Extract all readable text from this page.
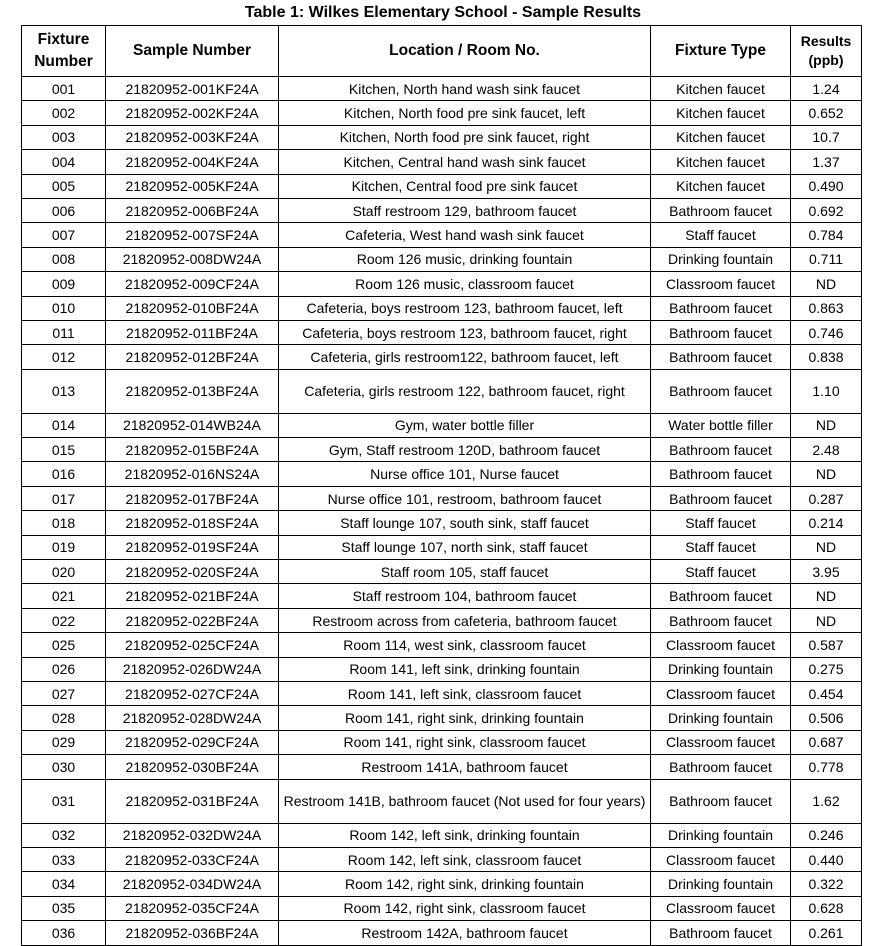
Table 1: Wilkes Elementary School - Sample Results
Fixture Number	Sample Number	Location / Room No.	Fixture Type	Results (ppb)
001	21820952-001KF24A	Kitchen, North hand wash sink faucet	Kitchen faucet	1.24
002	21820952-002KF24A	Kitchen, North food pre sink faucet, left	Kitchen faucet	0.652
003	21820952-003KF24A	Kitchen, North food pre sink faucet, right	Kitchen faucet	10.7
004	21820952-004KF24A	Kitchen, Central hand wash sink faucet	Kitchen faucet	1.37
005	21820952-005KF24A	Kitchen, Central food pre sink faucet	Kitchen faucet	0.490
006	21820952-006BF24A	Staff restroom 129, bathroom faucet	Bathroom faucet	0.692
007	21820952-007SF24A	Cafeteria, West hand wash sink faucet	Staff faucet	0.784
008	21820952-008DW24A	Room 126 music, drinking fountain	Drinking fountain	0.711
009	21820952-009CF24A	Room 126 music, classroom faucet	Classroom faucet	ND
010	21820952-010BF24A	Cafeteria, boys restroom 123, bathroom faucet, left	Bathroom faucet	0.863
011	21820952-011BF24A	Cafeteria, boys restroom 123, bathroom faucet, right	Bathroom faucet	0.746
012	21820952-012BF24A	Cafeteria, girls restroom122, bathroom faucet, left	Bathroom faucet	0.838
013	21820952-013BF24A	Cafeteria, girls restroom 122, bathroom faucet, right	Bathroom faucet	1.10
014	21820952-014WB24A	Gym, water bottle filler	Water bottle filler	ND
015	21820952-015BF24A	Gym, Staff restroom 120D, bathroom faucet	Bathroom faucet	2.48
016	21820952-016NS24A	Nurse office 101, Nurse faucet	Bathroom faucet	ND
017	21820952-017BF24A	Nurse office 101, restroom, bathroom faucet	Bathroom faucet	0.287
018	21820952-018SF24A	Staff lounge 107, south sink, staff faucet	Staff faucet	0.214
019	21820952-019SF24A	Staff lounge 107, north sink, staff faucet	Staff faucet	ND
020	21820952-020SF24A	Staff room 105, staff faucet	Staff faucet	3.95
021	21820952-021BF24A	Staff restroom 104, bathroom faucet	Bathroom faucet	ND
022	21820952-022BF24A	Restroom across from cafeteria, bathroom faucet	Bathroom faucet	ND
025	21820952-025CF24A	Room 114, west sink, classroom faucet	Classroom faucet	0.587
026	21820952-026DW24A	Room 141, left sink, drinking fountain	Drinking fountain	0.275
027	21820952-027CF24A	Room 141, left sink, classroom faucet	Classroom faucet	0.454
028	21820952-028DW24A	Room 141, right sink, drinking fountain	Drinking fountain	0.506
029	21820952-029CF24A	Room 141, right sink, classroom faucet	Classroom faucet	0.687
030	21820952-030BF24A	Restroom 141A, bathroom faucet	Bathroom faucet	0.778
031	21820952-031BF24A	Restroom 141B, bathroom faucet (Not used for four years)	Bathroom faucet	1.62
032	21820952-032DW24A	Room 142, left sink, drinking fountain	Drinking fountain	0.246
033	21820952-033CF24A	Room 142, left sink, classroom faucet	Classroom faucet	0.440
034	21820952-034DW24A	Room 142, right sink, drinking fountain	Drinking fountain	0.322
035	21820952-035CF24A	Room 142, right sink, classroom faucet	Classroom faucet	0.628
036	21820952-036BF24A	Restroom 142A, bathroom faucet	Bathroom faucet	0.261
